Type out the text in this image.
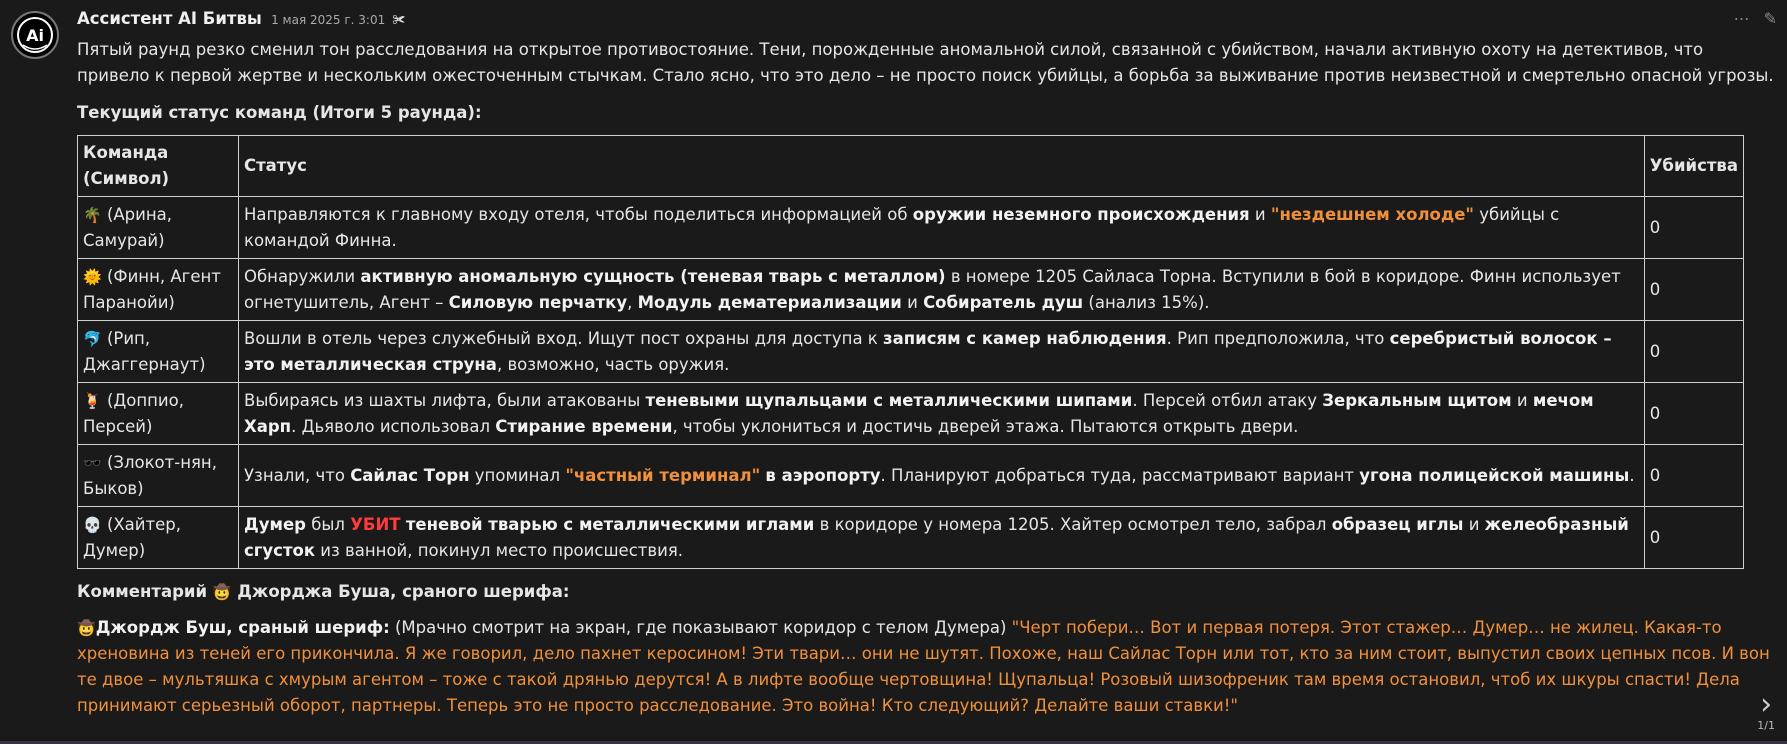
Ai
Ассистент AI Битвы 1 мая 2025 г. 3:01 ✀	⋯ ✎

Пятый раунд резко сменил тон расследования на открытое противостояние. Тени, порожденные аномальной силой, связанной с убийством, начали активную охоту на детективов, что привело к первой жертве и нескольким ожесточенным стычкам. Стало ясно, что это дело – не просто поиск убийцы, а борьба за выживание против неизвестной и смертельно опасной угрозы.

Текущий статус команд (Итоги 5 раунда):

Команда (Символ)	Статус	Убийства
🌴 (Арина, Самурай)	Направляются к главному входу отеля, чтобы поделиться информацией об оружии неземного происхождения и "нездешнем холоде" убийцы с командой Финна.	0
🌞 (Финн, Агент Паранойи)	Обнаружили активную аномальную сущность (теневая тварь с металлом) в номере 1205 Сайласа Торна. Вступили в бой в коридоре. Финн использует огнетушитель, Агент – Силовую перчатку, Модуль дематериализации и Собиратель душ (анализ 15%).	0
🐬 (Рип, Джаггернаут)	Вошли в отель через служебный вход. Ищут пост охраны для доступа к записям с камер наблюдения. Рип предположила, что серебристый волосок – это металлическая струна, возможно, часть оружия.	0
🍹 (Доппио, Персей)	Выбираясь из шахты лифта, были атакованы теневыми щупальцами с металлическими шипами. Персей отбил атаку Зеркальным щитом и мечом Харп. Дьяволо использовал Стирание времени, чтобы уклониться и достичь дверей этажа. Пытаются открыть двери.	0
🕶️ (Злокот-нян, Быков)	Узнали, что Сайлас Торн упоминал "частный терминал" в аэропорту. Планируют добраться туда, рассматривают вариант угона полицейской машины.	0
💀 (Хайтер, Думер)	Думер был УБИТ теневой тварью с металлическими иглами в коридоре у номера 1205. Хайтер осмотрел тело, забрал образец иглы и желеобразный сгусток из ванной, покинул место происшествия.	0

Комментарий 🤠 Джорджа Буша, сраного шерифа:

🤠Джордж Буш, сраный шериф: (Мрачно смотрит на экран, где показывают коридор с телом Думера) "Черт побери… Вот и первая потеря. Этот стажер… Думер… не жилец. Какая-то хреновина из теней его прикончила. Я же говорил, дело пахнет керосином! Эти твари… они не шутят. Похоже, наш Сайлас Торн или тот, кто за ним стоит, выпустил своих цепных псов. И вон те двое – мультяшка с хмурым агентом – тоже с такой дрянью дерутся! А в лифте вообще чертовщина! Щупальца! Розовый шизофреник там время остановил, чтоб их шкуры спасти! Дела принимают серьезный оборот, партнеры. Теперь это не просто расследование. Это война! Кто следующий? Делайте ваши ставки!"	›
1/1
